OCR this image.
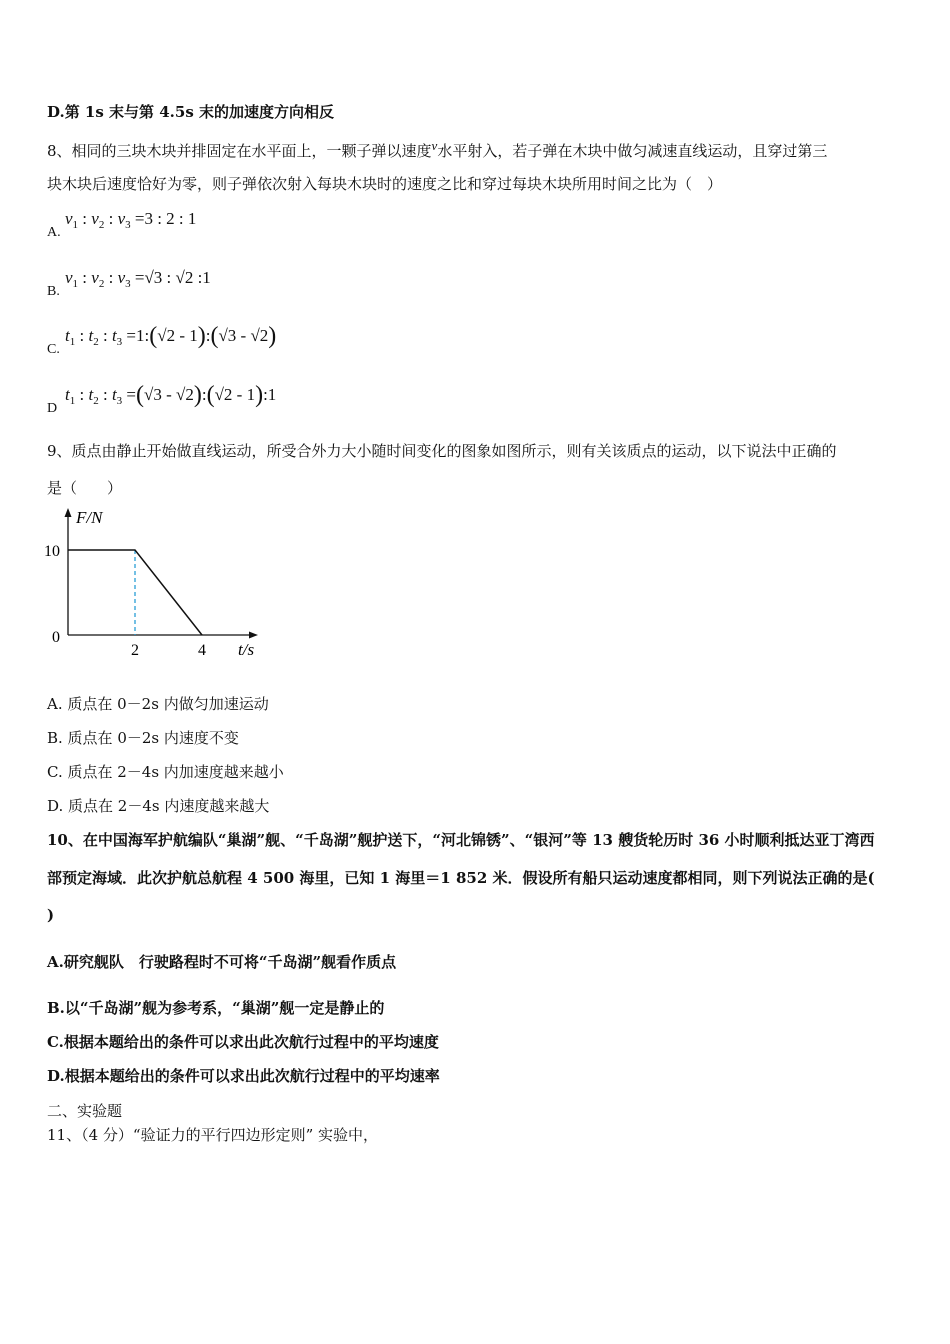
D.第 1s 末与第 4.5s 末的加速度方向相反
8、相同的三块木块并排固定在水平面上，一颗子弹以速度v水平射入，若子弹在木块中做匀减速直线运动，且穿过第三
块木块后速度恰好为零，则子弹依次射入每块木块时的速度之比和穿过每块木块所用时间之比为（　）
$A.v_1$ : $v_2$ : $v_3 =3$ : 2 : 1
$B.v_1$ : $v_2$ : $v_3 =√3$ : √2 :1
$C.t_1$ : $t_2$ : $t_3$ =1:(√2 - 1):(√3 - √2)
$Dt_1$ : $t_2$ : $t_3 =(√3$ - √2):(√2 - 1):1
9、质点由静止开始做直线运动，所受合外力大小随时间变化的图象如图所示，则有关该质点的运动，以下说法中正确的
是（　　）
F/N
10
0
2	4 t/s
A. 质点在 0－2s 内做匀加速运动
B. 质点在 0－2s 内速度不变
C. 质点在 2－4s 内加速度越来越小
D. 质点在 2－4s 内速度越来越大
10、在中国海军护航编队“巢湖”舰、“千岛湖”舰护送下，“河北锦锈”、“银河”等 13 艘货轮历时 36 小时顺利抵达亚丁湾西
部预定海域．此次护航总航程 4 500 海里，已知 1 海里＝1 852 米．假设所有船只运动速度都相同，则下列说法正确的是(
)
A.研究舰队　行驶路程时不可将“千岛湖”舰看作质点
B.以“千岛湖”舰为参考系，“巢湖”舰一定是静止的
C.根据本题给出的条件可以求出此次航行过程中的平均速度
D.根据本题给出的条件可以求出此次航行过程中的平均速率
二、实验题
11、（4 分）“验证力的平行四边形定则” 实验中，
